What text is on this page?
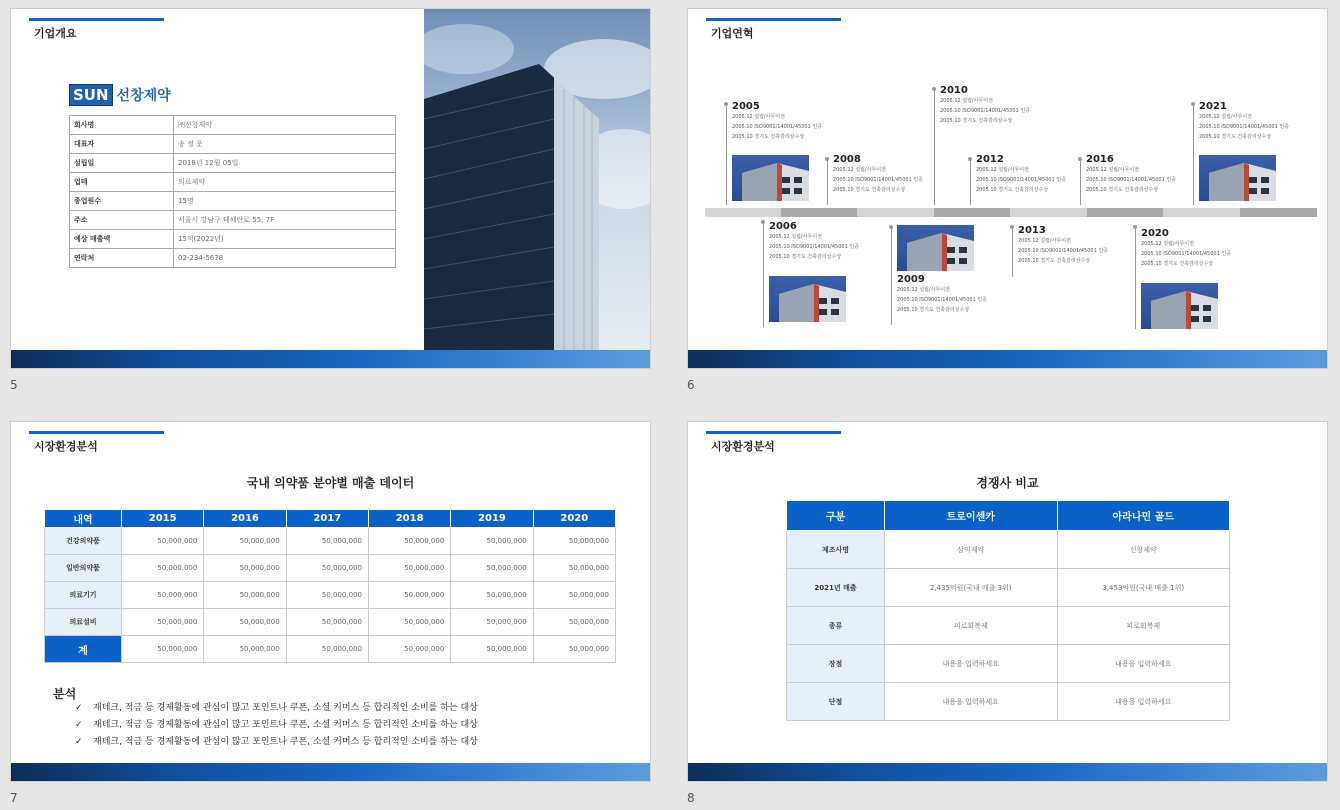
기업개요
SUN 선창제약
회사명	㈜선창제약
대표자	송 정 운
설립일	2018년 12월 05일
업태	의료제약
종업원수	15명
주소	서울시 강남구 테헤란로 55, 7F
예상 매출액	15억(2022년)
연락처	02-234-5678
5
기업연혁
2005
2005.12 설립/사무이전
2005.10 ISO9001/14001/45001 인증
2005.10 경기도 건축감리상수상
2006
2005.12 설립/사무이전
2005.10 ISO9001/14001/45001 인증
2005.10 경기도 건축감리상수상
2008
2005.12 설립/사무이전
2005.10 ISO9001/14001/45001 인증
2005.10 경기도 건축감리상수상
2009
2005.12 설립/사무이전
2005.10 ISO9001/14001/45001 인증
2005.10 경기도 건축감리상수상
2010
2005.12 설립/사무이전
2005.10 ISO9001/14001/45001 인증
2005.10 경기도 건축감리상수상
2012
2005.12 설립/사무이전
2005.10 ISO9001/14001/45001 인증
2005.10 경기도 건축감리상수상
2013
2005.12 설립/사무이전
2005.10 ISO9001/14001/45001 인증
2005.10 경기도 건축감리상수상
2016
2005.12 설립/사무이전
2005.10 ISO9001/14001/45001 인증
2005.10 경기도 건축감리상수상
2020
2005.12 설립/사무이전
2005.10 ISO9001/14001/45001 인증
2005.10 경기도 건축감리상수상
2021
2005.12 설립/사무이전
2005.10 ISO9001/14001/45001 인증
2005.10 경기도 건축감리상수상
6
시장환경분석
국내 의약품 분야별 매출 데이터
내역	2015	2016	2017	2018	2019	2020
건강의약품	50,000,000	50,000,000	50,000,000	50,000,000	50,000,000	50,000,000
일반의약품	50,000,000	50,000,000	50,000,000	50,000,000	50,000,000	50,000,000
의료기기	50,000,000	50,000,000	50,000,000	50,000,000	50,000,000	50,000,000
의료설비	50,000,000	50,000,000	50,000,000	50,000,000	50,000,000	50,000,000
계	50,000,000	50,000,000	50,000,000	50,000,000	50,000,000	50,000,000
분석
✓ 재테크, 적금 등 경제활동에 관심이 많고 포인트나 쿠폰, 소셜 커머스 등 합리적인 소비를 하는 대상
✓ 재테크, 적금 등 경제활동에 관심이 많고 포인트나 쿠폰, 소셜 커머스 등 합리적인 소비를 하는 대상
✓ 재테크, 적금 등 경제활동에 관심이 많고 포인트나 쿠폰, 소셜 커머스 등 합리적인 소비를 하는 대상
7
시장환경분석
경쟁사 비교
구분	트로이센카	아라나민 골드
제조사명	삼익제약	선창제약
2021년 매출	2,435억원(국내 매출 3위)	3,453억원(국내 매출 1위)
종류	피로회복제	피로회복제
장점	내용을 입력하세요	내용을 입력하세요
단점	내용을 입력하세요	내용을 입력하세요
8
